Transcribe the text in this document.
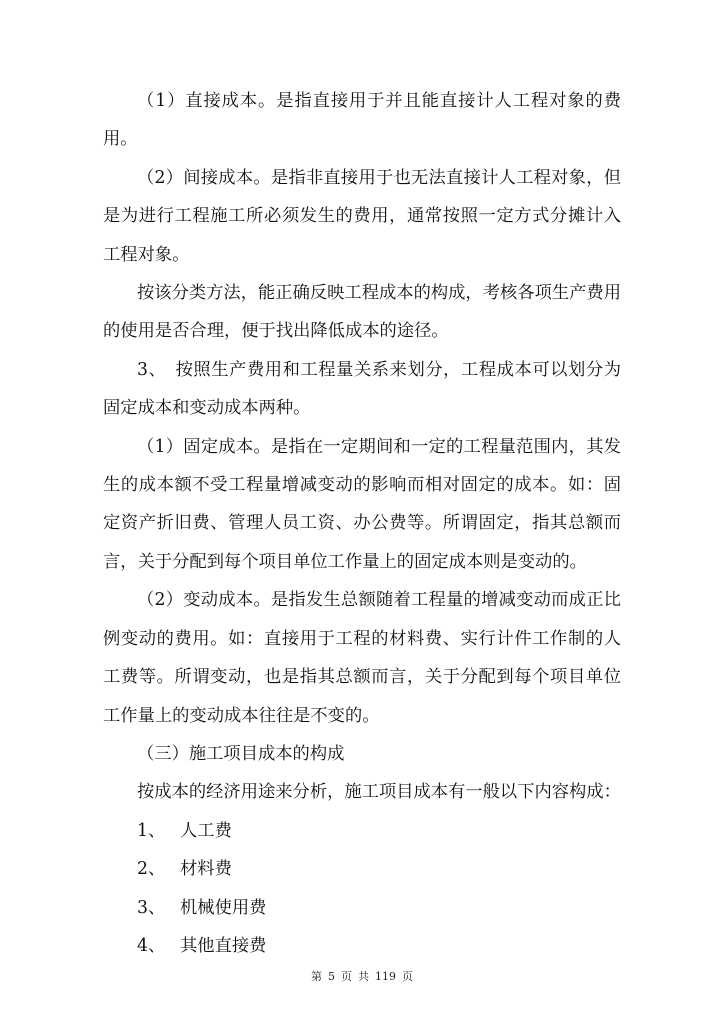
（1）直接成本。是指直接用于并且能直接计人工程对象的费用。

（2）间接成本。是指非直接用于也无法直接计人工程对象，但是为进行工程施工所必须发生的费用，通常按照一定方式分摊计入工程对象。

按该分类方法，能正确反映工程成本的构成，考核各项生产费用的使用是否合理，便于找出降低成本的途径。

3、　按照生产费用和工程量关系来划分，工程成本可以划分为固定成本和变动成本两种。

（1）固定成本。是指在一定期间和一定的工程量范围内，其发生的成本额不受工程量增减变动的影响而相对固定的成本。如：固定资产折旧费、管理人员工资、办公费等。所谓固定，指其总额而言，关于分配到每个项目单位工作量上的固定成本则是变动的。

（2）变动成本。是指发生总额随着工程量的增减变动而成正比例变动的费用。如：直接用于工程的材料费、实行计件工作制的人工费等。所谓变动，也是指其总额而言，关于分配到每个项目单位工作量上的变动成本往往是不变的。

（三）施工项目成本的构成

按成本的经济用途来分析，施工项目成本有一般以下内容构成：

1、 人工费
2、 材料费
3、 机械使用费
4、 其他直接费
第 5 页 共 119 页
